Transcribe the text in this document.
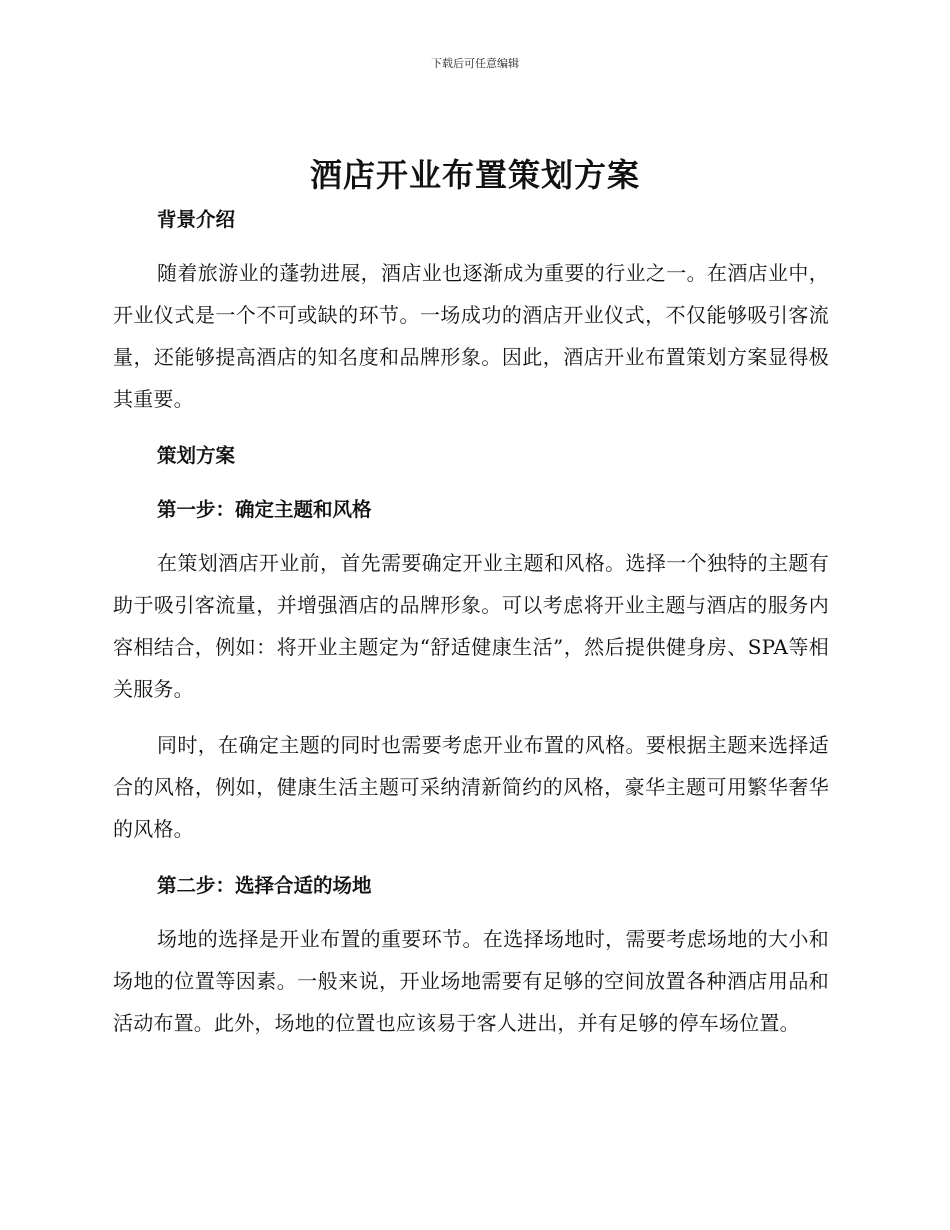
下载后可任意编辑
酒店开业布置策划方案
背景介绍

随着旅游业的蓬勃进展，酒店业也逐渐成为重要的行业之一。在酒店业中，开业仪式是一个不可或缺的环节。一场成功的酒店开业仪式，不仅能够吸引客流量，还能够提高酒店的知名度和品牌形象。因此，酒店开业布置策划方案显得极其重要。

策划方案
第一步：确定主题和风格

在策划酒店开业前，首先需要确定开业主题和风格。选择一个独特的主题有助于吸引客流量，并增强酒店的品牌形象。可以考虑将开业主题与酒店的服务内容相结合，例如：将开业主题定为“舒适健康生活”，然后提供健身房、SPA等相关服务。

同时，在确定主题的同时也需要考虑开业布置的风格。要根据主题来选择适合的风格，例如，健康生活主题可采纳清新简约的风格，豪华主题可用繁华奢华的风格。

第二步：选择合适的场地

场地的选择是开业布置的重要环节。在选择场地时，需要考虑场地的大小和场地的位置等因素。一般来说，开业场地需要有足够的空间放置各种酒店用品和活动布置。此外，场地的位置也应该易于客人进出，并有足够的停车场位置。
